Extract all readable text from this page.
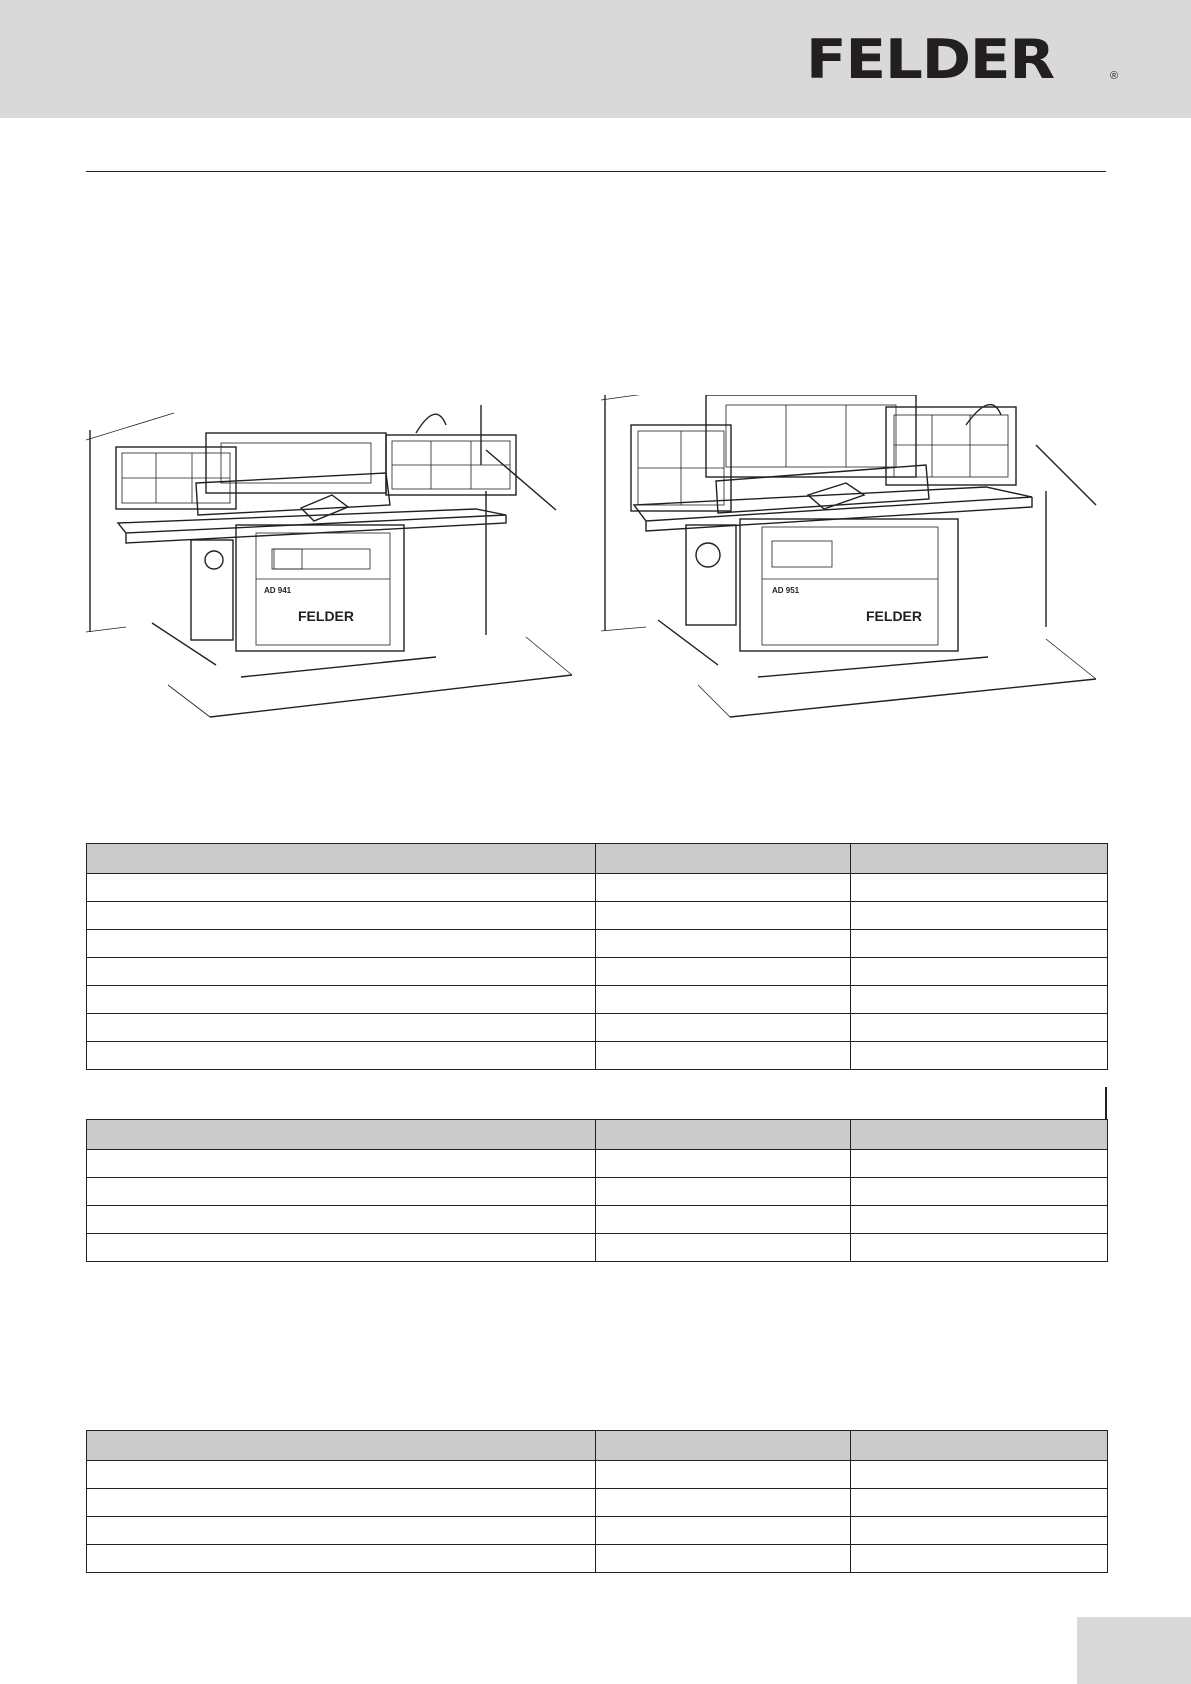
FELDER	®
FELDER
AD 941
FELDER
AD 951
